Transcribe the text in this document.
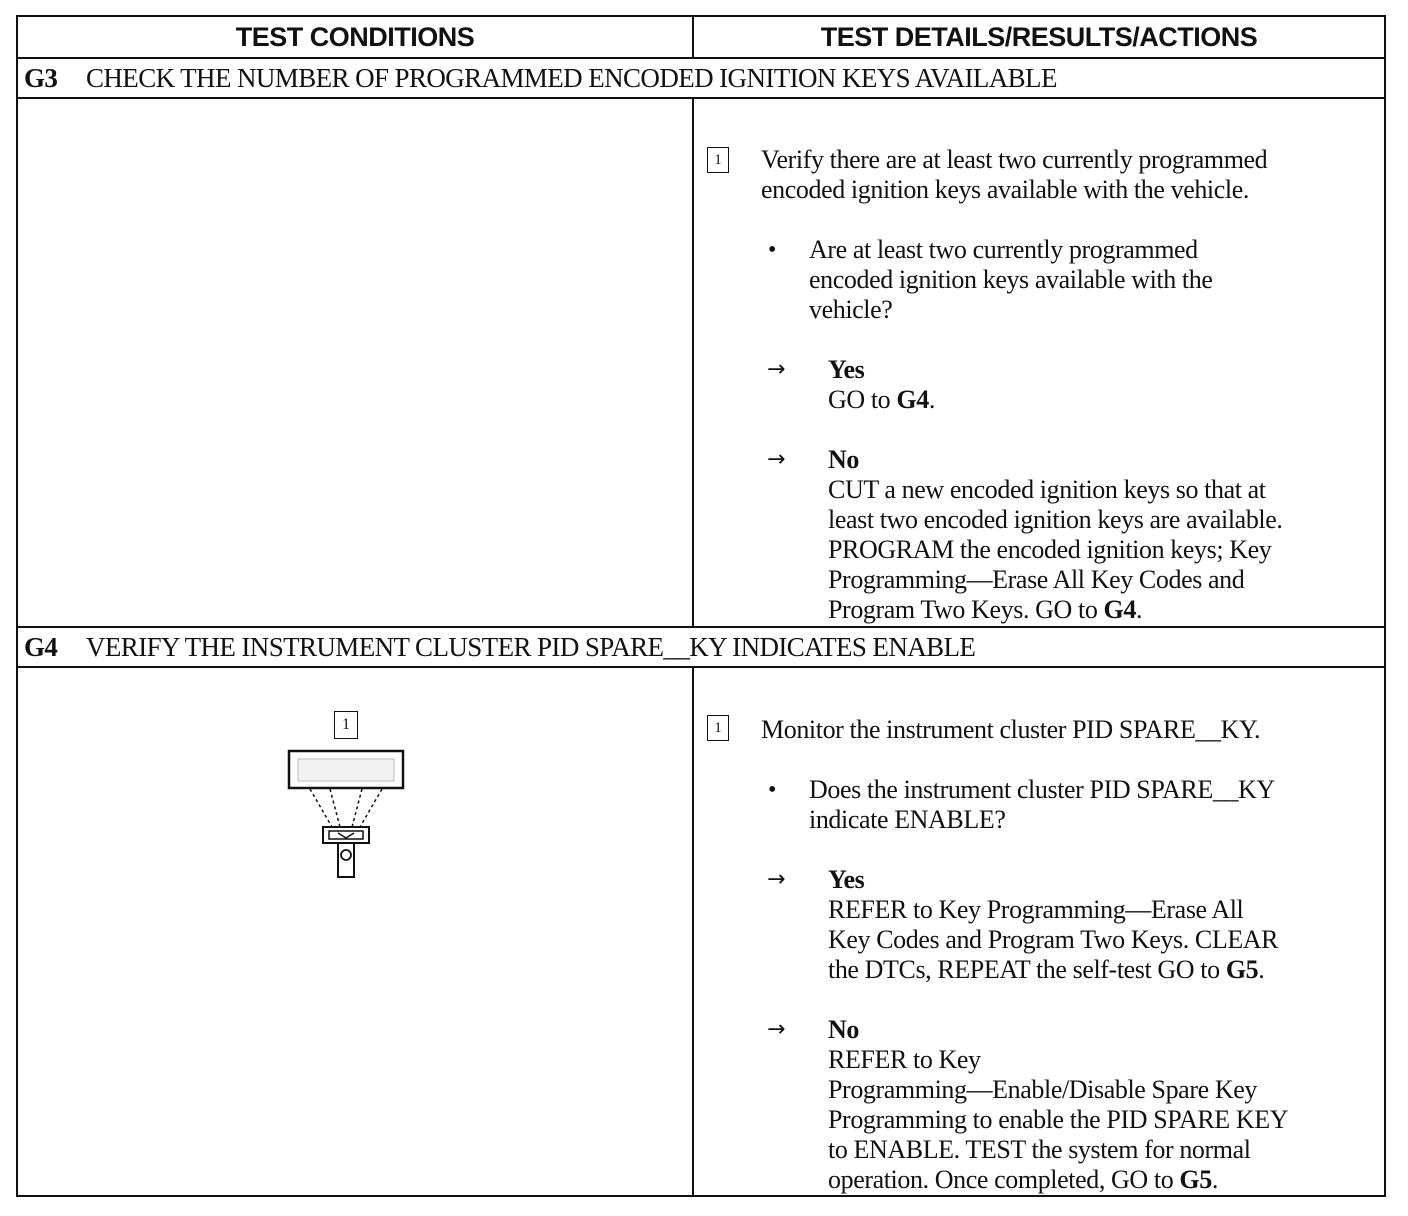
TEST CONDITIONS	TEST DETAILS/RESULTS/ACTIONS
G3	CHECK THE NUMBER OF PROGRAMMED ENCODED IGNITION KEYS AVAILABLE
1 Verify there are at least two currently programmed
encoded ignition keys available with the vehicle.
• Are at least two currently programmed
encoded ignition keys available with the
vehicle?
→ Yes
GO to G4.
→ No
CUT a new encoded ignition keys so that at
least two encoded ignition keys are available.
PROGRAM the encoded ignition keys; Key
Programming—Erase All Key Codes and
Program Two Keys. GO to G4.
G4	VERIFY THE INSTRUMENT CLUSTER PID SPARE__KY INDICATES ENABLE
1	1 Monitor the instrument cluster PID SPARE__KY.
• Does the instrument cluster PID SPARE__KY
indicate ENABLE?
→ Yes
REFER to Key Programming—Erase All
Key Codes and Program Two Keys. CLEAR
the DTCs, REPEAT the self-test GO to G5.
→ No
REFER to Key
Programming—Enable/Disable Spare Key
Programming to enable the PID SPARE KEY
to ENABLE. TEST the system for normal
operation. Once completed, GO to G5.
